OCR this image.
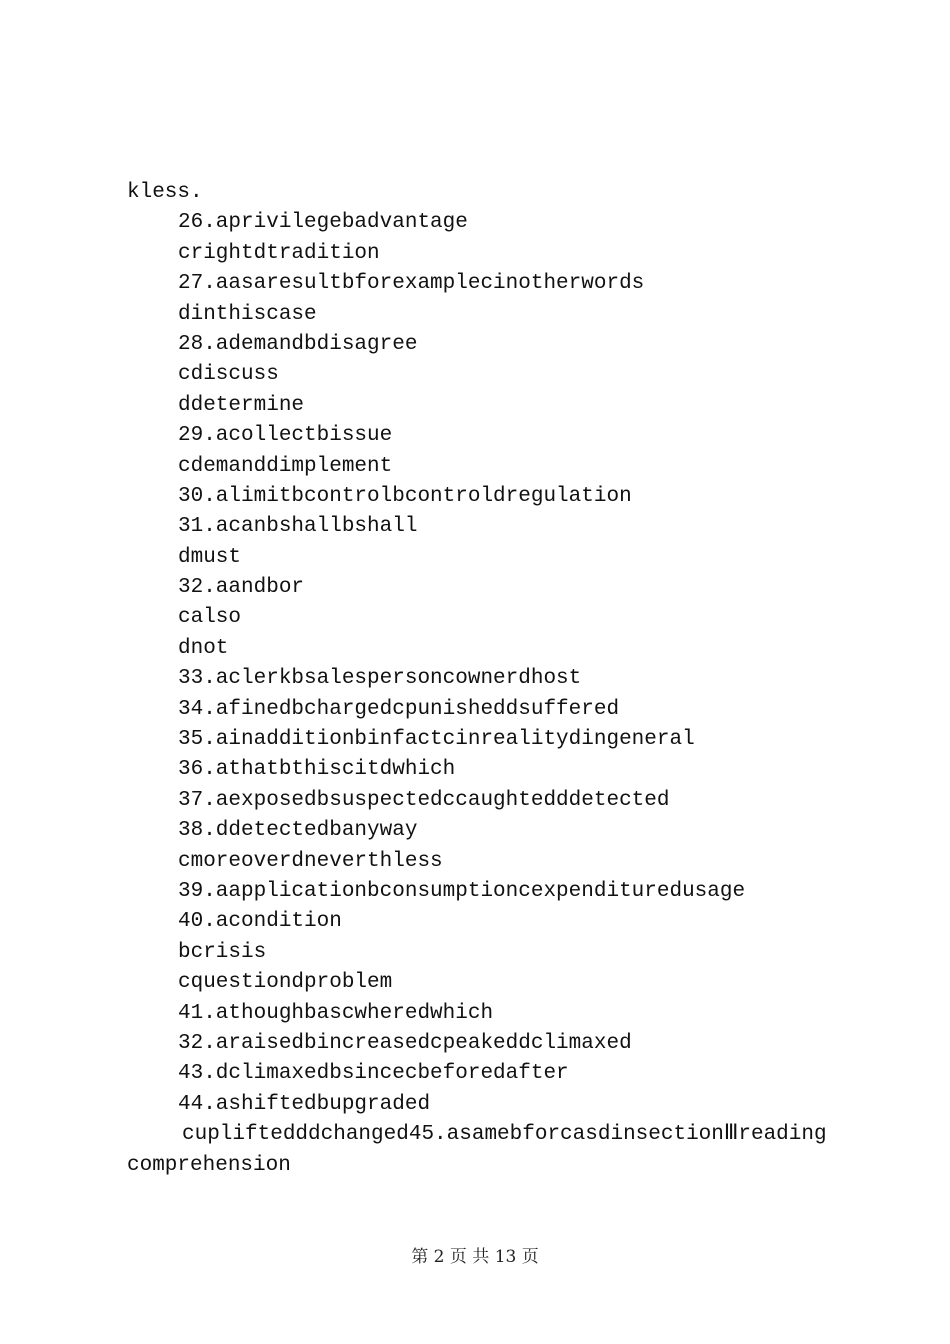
kless.
26.aprivilegebadvantage
crightdtradition
27.aasaresultbforexamplecinotherwords
dinthiscase
28.ademandbdisagree
cdiscuss
ddetermine
29.acollectbissue
cdemanddimplement
30.alimitbcontrolbcontroldregulation
31.acanbshallbshall
dmust
32.aandbor
calso
dnot
33.aclerkbsalespersoncownerdhost
34.afinedbchargedcpunisheddsuffered
35.ainadditionbinfactcinrealitydingeneral
36.athatbthiscitdwhich
37.aexposedbsuspectedccaughtedddetected
38.ddetectedbanyway
cmoreoverdneverthless
39.aapplicationbconsumptioncexpendituredusage
40.acondition
bcrisis
cquestiondproblem
41.athoughbascwheredwhich
32.araisedbincreasedcpeakeddclimaxed
43.dclimaxedbsincecbeforedafter
44.ashiftedbupgraded
cupliftedddchanged45.asamebforcasdinsectionⅢreading
comprehension
第 2 页 共 13 页
